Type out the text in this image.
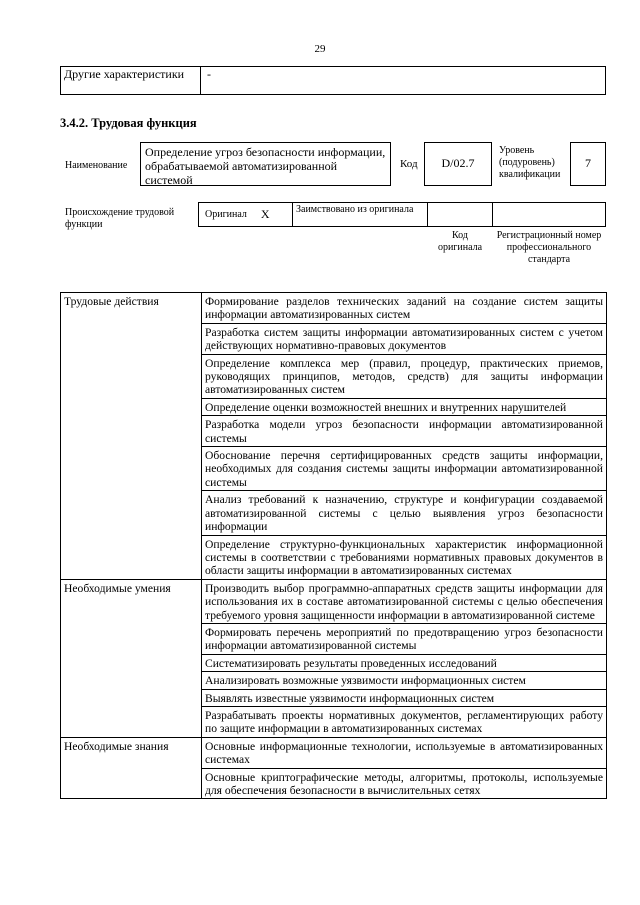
29
Другие характеристики	-
3.4.2. Трудовая функция
Наименование
Определение угроз безопасности информации, обрабатываемой автоматизированной системой
Код	D/02.7
Уровень (подуровень) квалификации
7
Происхождение трудовой функции
Оригинал X	Заимствовано из оригинала
Код оригинала
Регистрационный номер профессионального стандарта
Трудовые действия	Формирование разделов технических заданий на создание систем защиты информации автоматизированных систем
	Разработка систем защиты информации автоматизированных систем с учетом действующих нормативно-правовых документов
	Определение комплекса мер (правил, процедур, практических приемов, руководящих принципов, методов, средств) для защиты информации автоматизированных систем
	Определение оценки возможностей внешних и внутренних нарушителей
	Разработка модели угроз безопасности информации автоматизированной системы
	Обоснование перечня сертифицированных средств защиты информации, необходимых для создания системы защиты информации автоматизированной системы
	Анализ требований к назначению, структуре и конфигурации создаваемой автоматизированной системы с целью выявления угроз безопасности информации
	Определение структурно-функциональных характеристик информационной системы в соответствии с требованиями нормативных правовых документов в области защиты информации в автоматизированных системах
Необходимые умения	Производить выбор программно-аппаратных средств защиты информации для использования их в составе автоматизированной системы с целью обеспечения требуемого уровня защищенности информации в автоматизированной системе
	Формировать перечень мероприятий по предотвращению угроз безопасности информации автоматизированной системы
	Систематизировать результаты проведенных исследований
	Анализировать возможные уязвимости информационных систем
	Выявлять известные уязвимости информационных систем
	Разрабатывать проекты нормативных документов, регламентирующих работу по защите информации в автоматизированных системах
Необходимые знания	Основные информационные технологии, используемые в автоматизированных системах
	Основные криптографические методы, алгоритмы, протоколы, используемые для обеспечения безопасности в вычислительных сетях
